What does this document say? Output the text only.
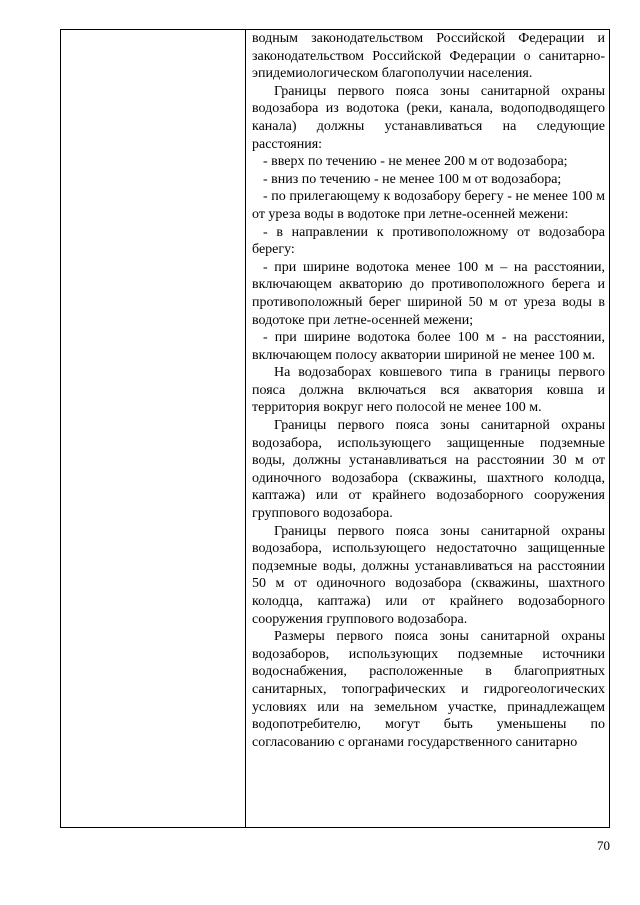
водным законодательством Российской Федерации и законодательством Российской Федерации о санитарно-эпидемиологическом благополучии населения.

Границы первого пояса зоны санитарной охраны водозабора из водотока (реки, канала, водоподводящего канала) должны устанавливаться на следующие расстояния:

- вверх по течению - не менее 200 м от водозабора;

- вниз по течению - не менее 100 м от водозабора;

- по прилегающему к водозабору берегу - не менее 100 м от уреза воды в водотоке при летне-осенней межени:

- в направлении к противоположному от водозабора берегу:

- при ширине водотока менее 100 м – на расстоянии, включающем акваторию до противоположного берега и противоположный берег шириной 50 м от уреза воды в водотоке при летне-осенней межени;

- при ширине водотока более 100 м - на расстоянии, включающем полосу акватории шириной не менее 100 м.

На водозаборах ковшевого типа в границы первого пояса должна включаться вся акватория ковша и территория вокруг него полосой не менее 100 м.

Границы первого пояса зоны санитарной охраны водозабора, использующего защищенные подземные воды, должны устанавливаться на расстоянии 30 м от одиночного водозабора (скважины, шахтного колодца, каптажа) или от крайнего водозаборного сооружения группового водозабора.

Границы первого пояса зоны санитарной охраны водозабора, использующего недостаточно защищенные подземные воды, должны устанавливаться на расстоянии 50 м от одиночного водозабора (скважины, шахтного колодца, каптажа) или от крайнего водозаборного сооружения группового водозабора.

Размеры первого пояса зоны санитарной охраны водозаборов, использующих подземные источники водоснабжения, расположенные в благоприятных санитарных, топографических и гидрогеологических условиях или на земельном участке, принадлежащем водопотребителю, могут быть уменьшены по согласованию с органами государственного санитарно

70
